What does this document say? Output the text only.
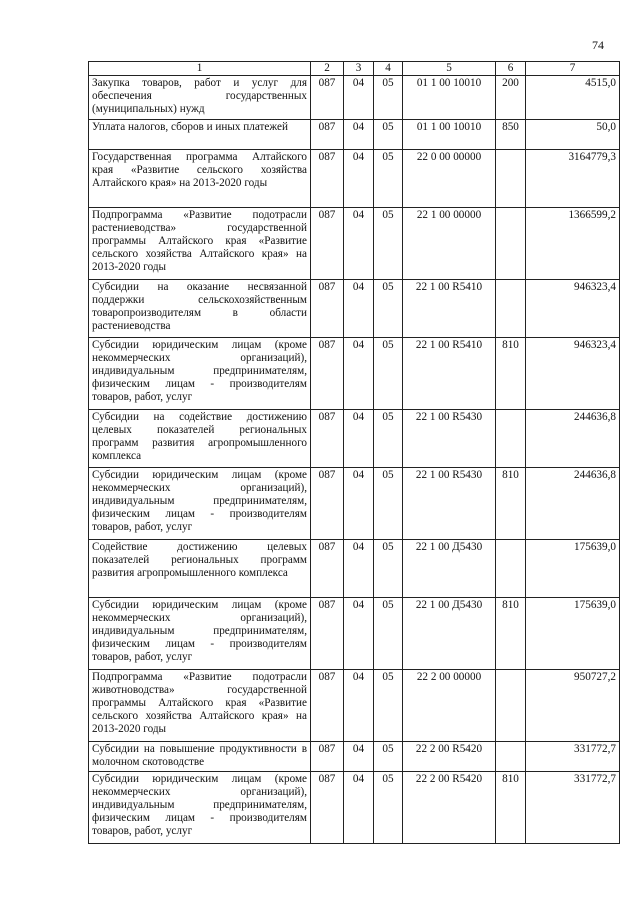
74
1	2	3	4	5	6	7
Закупка товаров, работ и услуг для обеспечения государственных (муниципальных) нужд	087	04	05	01 1 00 10010	200	4515,0
Уплата налогов, сборов и иных платежей	087	04	05	01 1 00 10010	850	50,0
Государственная программа Алтайского края «Развитие сельского хозяйства Алтайского края» на 2013-2020 годы	087	04	05	22 0 00 00000		3164779,3
Подпрограмма «Развитие подотрасли растениеводства» государственной программы Алтайского края «Развитие сельского хозяйства Алтайского края» на 2013-2020 годы	087	04	05	22 1 00 00000		1366599,2
Субсидии на оказание несвязанной поддержки сельскохозяйственным товаропроизводителям в области растениеводства	087	04	05	22 1 00 R5410		946323,4
Субсидии юридическим лицам (кроме некоммерческих организаций), индивидуальным предпринимателям, физическим лицам - производителям товаров, работ, услуг	087	04	05	22 1 00 R5410	810	946323,4
Субсидии на содействие достижению целевых показателей региональных программ развития агропромышленного комплекса	087	04	05	22 1 00 R5430		244636,8
Субсидии юридическим лицам (кроме некоммерческих организаций), индивидуальным предпринимателям, физическим лицам - производителям товаров, работ, услуг	087	04	05	22 1 00 R5430	810	244636,8
Содействие достижению целевых показателей региональных программ развития агропромышленного комплекса	087	04	05	22 1 00 Д5430		175639,0
Субсидии юридическим лицам (кроме некоммерческих организаций), индивидуальным предпринимателям, физическим лицам - производителям товаров, работ, услуг	087	04	05	22 1 00 Д5430	810	175639,0
Подпрограмма «Развитие подотрасли животноводства» государственной программы Алтайского края «Развитие сельского хозяйства Алтайского края» на 2013-2020 годы	087	04	05	22 2 00 00000		950727,2
Субсидии на повышение продуктивности в молочном скотоводстве	087	04	05	22 2 00 R5420		331772,7
Субсидии юридическим лицам (кроме некоммерческих организаций), индивидуальным предпринимателям, физическим лицам - производителям товаров, работ, услуг	087	04	05	22 2 00 R5420	810	331772,7
